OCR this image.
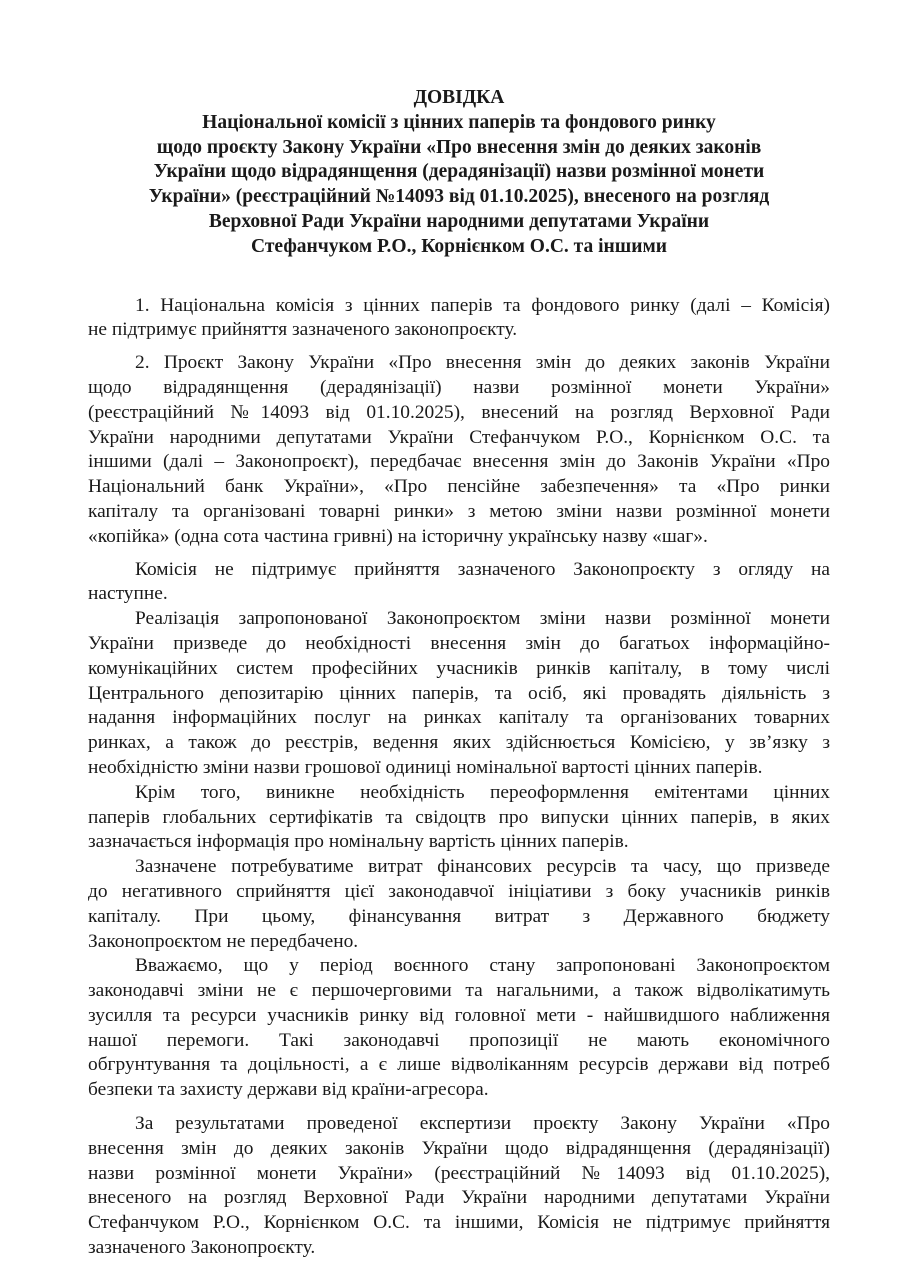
ДОВІДКА
Національної комісії з цінних паперів та фондового ринку
щодо проєкту Закону України «Про внесення змін до деяких законів
України щодо відрадянщення (дерадянізації) назви розмінної монети
України» (реєстраційний №14093 від 01.10.2025), внесеного на розгляд
Верховної Ради України народними депутатами України
Стефанчуком Р.О., Корнієнком О.С. та іншими
1. Національна комісія з цінних паперів та фондового ринку (далі – Комісія)
не підтримує прийняття зазначеного законопроєкту.
2. Проєкт Закону України «Про внесення змін до деяких законів України
щодо відрадянщення (дерадянізації) назви розмінної монети України»
(реєстраційний №14093 від 01.10.2025), внесений на розгляд Верховної Ради
України народними депутатами України Стефанчуком Р.О., Корнієнком О.С. та
іншими (далі – Законопроєкт), передбачає внесення змін до Законів України «Про
Національний банк України», «Про пенсійне забезпечення» та «Про ринки
капіталу та організовані товарні ринки» з метою зміни назви розмінної монети
«копійка» (одна сота частина гривні) на історичну українську назву «шаг».
Комісія не підтримує прийняття зазначеного Законопроєкту з огляду на
наступне.
Реалізація запропонованої Законопроєктом зміни назви розмінної монети
України призведе до необхідності внесення змін до багатьох інформаційно-
комунікаційних систем професійних учасників ринків капіталу, в тому числі
Центрального депозитарію цінних паперів, та осіб, які провадять діяльність з
надання інформаційних послуг на ринках капіталу та організованих товарних
ринках, а також до реєстрів, ведення яких здійснюється Комісією, у зв’язку з
необхідністю зміни назви грошової одиниці номінальної вартості цінних паперів.
Крім того, виникне необхідність переоформлення емітентами цінних
паперів глобальних сертифікатів та свідоцтв про випуски цінних паперів, в яких
зазначається інформація про номінальну вартість цінних паперів.
Зазначене потребуватиме витрат фінансових ресурсів та часу, що призведе
до негативного сприйняття цієї законодавчої ініціативи з боку учасників ринків
капіталу. При цьому, фінансування витрат з Державного бюджету
Законопроєктом не передбачено.
Вважаємо, що у період воєнного стану запропоновані Законопроєктом
законодавчі зміни не є першочерговими та нагальними, а також відволікатимуть
зусилля та ресурси учасників ринку від головної мети - найшвидшого наближення
нашої перемоги. Такі законодавчі пропозиції не мають економічного
обгрунтування та доцільності, а є лише відволіканням ресурсів держави від потреб
безпеки та захисту держави від країни-агресора.
За результатами проведеної експертизи проєкту Закону України «Про
внесення змін до деяких законів України щодо відрадянщення (дерадянізації)
назви розмінної монети України» (реєстраційний №14093 від 01.10.2025),
внесеного на розгляд Верховної Ради України народними депутатами України
Стефанчуком Р.О., Корнієнком О.С. та іншими, Комісія не підтримує прийняття
зазначеного Законопроєкту.
